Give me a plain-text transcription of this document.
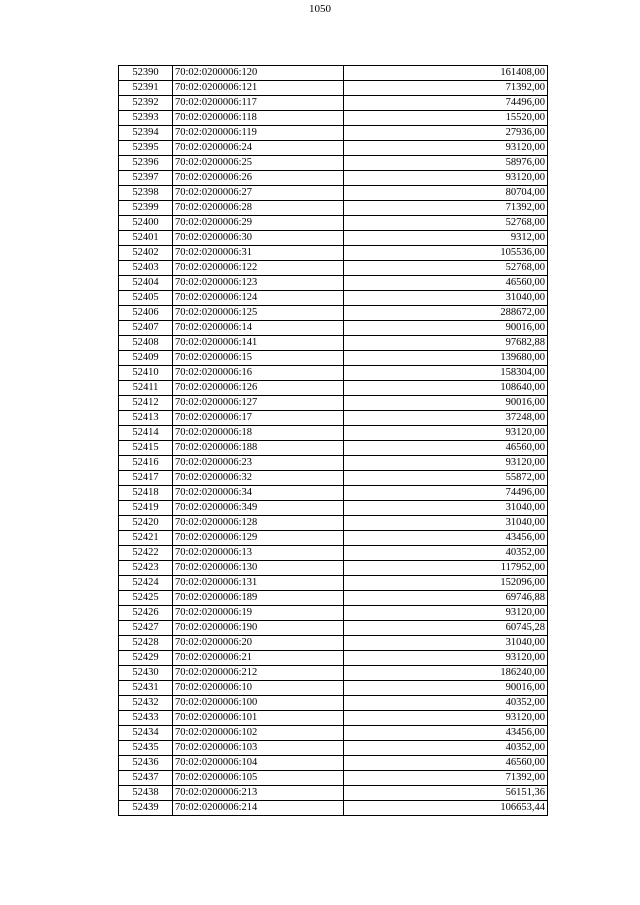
1050
52390	70:02:0200006:120	161408,00
52391	70:02:0200006:121	71392,00
52392	70:02:0200006:117	74496,00
52393	70:02:0200006:118	15520,00
52394	70:02:0200006:119	27936,00
52395	70:02:0200006:24	93120,00
52396	70:02:0200006:25	58976,00
52397	70:02:0200006:26	93120,00
52398	70:02:0200006:27	80704,00
52399	70:02:0200006:28	71392,00
52400	70:02:0200006:29	52768,00
52401	70:02:0200006:30	9312,00
52402	70:02:0200006:31	105536,00
52403	70:02:0200006:122	52768,00
52404	70:02:0200006:123	46560,00
52405	70:02:0200006:124	31040,00
52406	70:02:0200006:125	288672,00
52407	70:02:0200006:14	90016,00
52408	70:02:0200006:141	97682,88
52409	70:02:0200006:15	139680,00
52410	70:02:0200006:16	158304,00
52411	70:02:0200006:126	108640,00
52412	70:02:0200006:127	90016,00
52413	70:02:0200006:17	37248,00
52414	70:02:0200006:18	93120,00
52415	70:02:0200006:188	46560,00
52416	70:02:0200006:23	93120,00
52417	70:02:0200006:32	55872,00
52418	70:02:0200006:34	74496,00
52419	70:02:0200006:349	31040,00
52420	70:02:0200006:128	31040,00
52421	70:02:0200006:129	43456,00
52422	70:02:0200006:13	40352,00
52423	70:02:0200006:130	117952,00
52424	70:02:0200006:131	152096,00
52425	70:02:0200006:189	69746,88
52426	70:02:0200006:19	93120,00
52427	70:02:0200006:190	60745,28
52428	70:02:0200006:20	31040,00
52429	70:02:0200006:21	93120,00
52430	70:02:0200006:212	186240,00
52431	70:02:0200006:10	90016,00
52432	70:02:0200006:100	40352,00
52433	70:02:0200006:101	93120,00
52434	70:02:0200006:102	43456,00
52435	70:02:0200006:103	40352,00
52436	70:02:0200006:104	46560,00
52437	70:02:0200006:105	71392,00
52438	70:02:0200006:213	56151,36
52439	70:02:0200006:214	106653,44
